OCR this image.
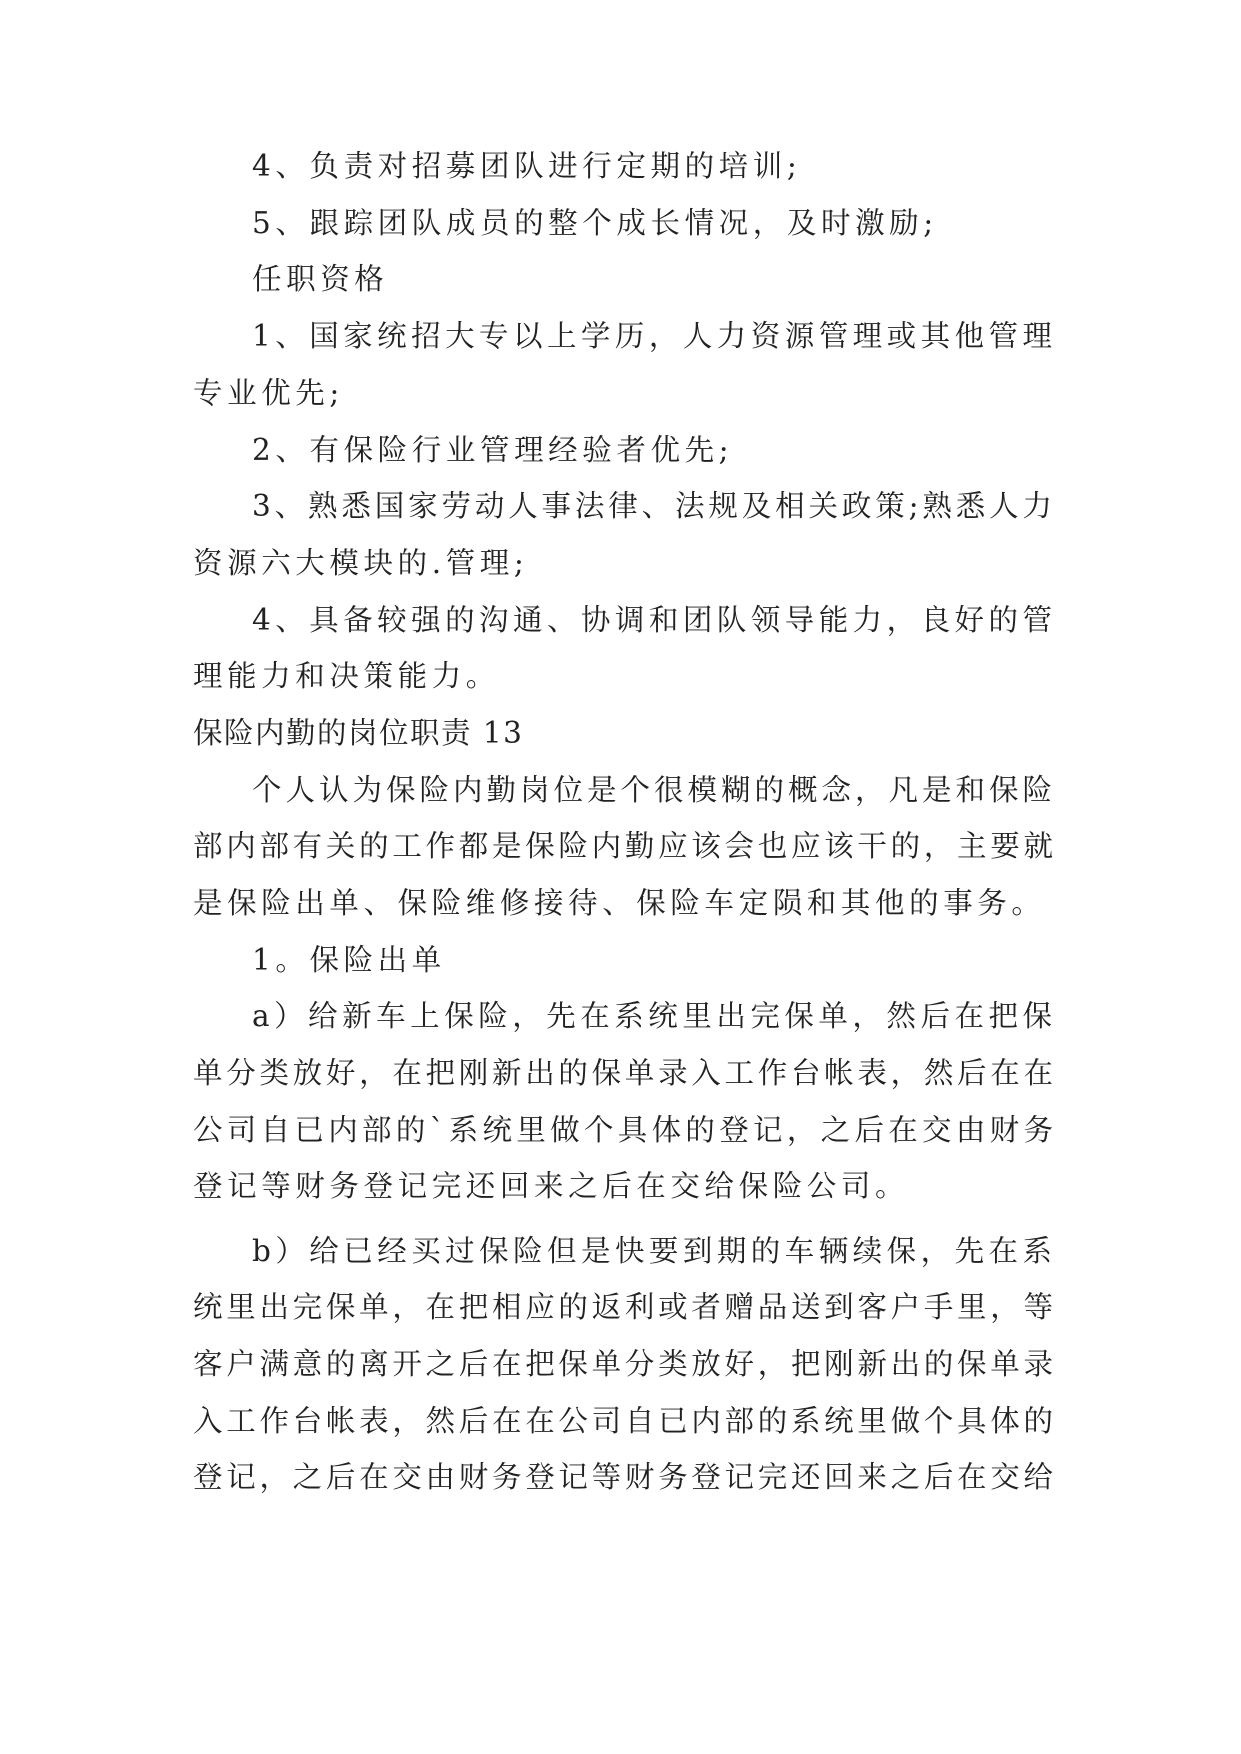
4、负责对招募团队进行定期的培训;
5、跟踪团队成员的整个成长情况，及时激励;
任职资格
1、国家统招大专以上学历，人力资源管理或其他管理
专业优先;
2、有保险行业管理经验者优先;
3、熟悉国家劳动人事法律、法规及相关政策;熟悉人力
资源六大模块的.管理;
4、具备较强的沟通、协调和团队领导能力，良好的管
理能力和决策能力。
保险内勤的岗位职责 13
个人认为保险内勤岗位是个很模糊的概念，凡是和保险
部内部有关的工作都是保险内勤应该会也应该干的，主要就
是保险出单、保险维修接待、保险车定陨和其他的事务。
1。保险出单
a）给新车上保险，先在系统里出完保单，然后在把保
单分类放好，在把刚新出的保单录入工作台帐表，然后在在
公司自已内部的`系统里做个具体的登记，之后在交由财务
登记等财务登记完还回来之后在交给保险公司。
b）给已经买过保险但是快要到期的车辆续保，先在系
统里出完保单，在把相应的返利或者赠品送到客户手里，等
客户满意的离开之后在把保单分类放好，把刚新出的保单录
入工作台帐表，然后在在公司自已内部的系统里做个具体的
登记，之后在交由财务登记等财务登记完还回来之后在交给
